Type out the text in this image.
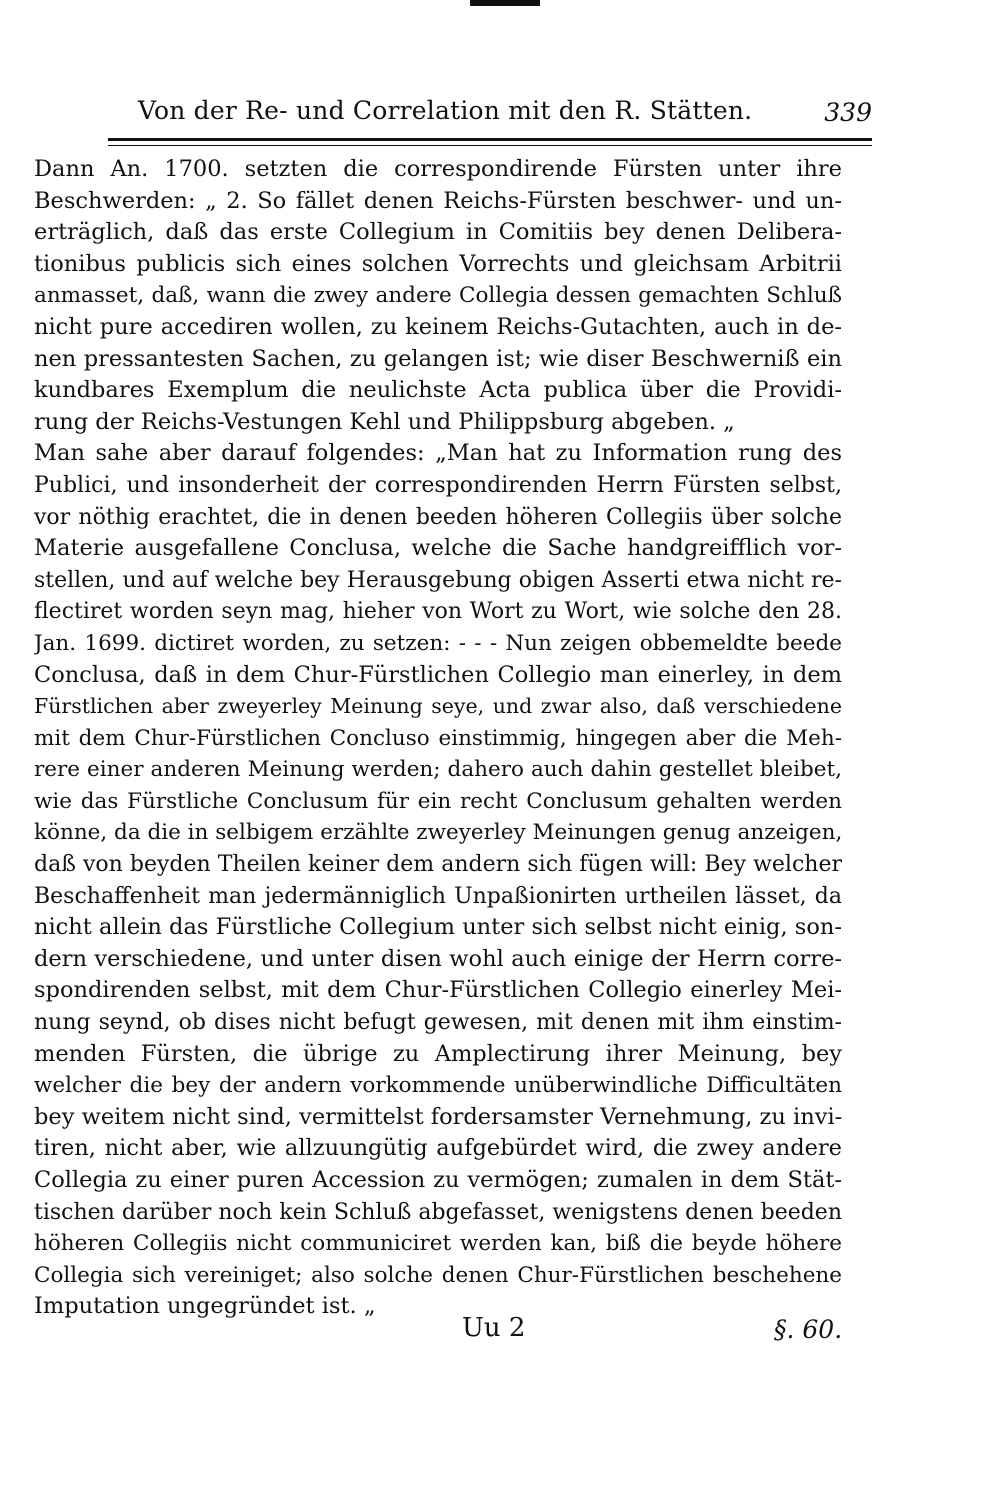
Von der Re- und Correlation mit den R. Stätten.	339
Dann An. 1700. setzten die correspondirende Fürsten unter ihre
Beschwerden: „ 2. So fället denen Reichs-Fürsten beschwer- und un-
erträglich, daß das erste Collegium in Comitiis bey denen Delibera-
tionibus publicis sich eines solchen Vorrechts und gleichsam Arbitrii
anmasset, daß, wann die zwey andere Collegia dessen gemachten Schluß
nicht pure accediren wollen, zu keinem Reichs-Gutachten, auch in de-
nen pressantesten Sachen, zu gelangen ist; wie diser Beschwerniß ein
kundbares Exemplum die neulichste Acta publica über die Providi-
rung der Reichs-Vestungen Kehl und Philippsburg abgeben. „
Man sahe aber darauf folgendes: „Man hat zu Information rung des
Publici, und insonderheit der correspondirenden Herrn Fürsten selbst,
vor nöthig erachtet, die in denen beeden höheren Collegiis über solche
Materie ausgefallene Conclusa, welche die Sache handgreifflich vor-
stellen, und auf welche bey Herausgebung obigen Asserti etwa nicht re-
flectiret worden seyn mag, hieher von Wort zu Wort, wie solche den 28.
Jan. 1699. dictiret worden, zu setzen: - - - Nun zeigen obbemeldte beede
Conclusa, daß in dem Chur-Fürstlichen Collegio man einerley, in dem
Fürstlichen aber zweyerley Meinung seye, und zwar also, daß verschiedene
mit dem Chur-Fürstlichen Concluso einstimmig, hingegen aber die Meh-
rere einer anderen Meinung werden; dahero auch dahin gestellet bleibet,
wie das Fürstliche Conclusum für ein recht Conclusum gehalten werden
könne, da die in selbigem erzählte zweyerley Meinungen genug anzeigen,
daß von beyden Theilen keiner dem andern sich fügen will: Bey welcher
Beschaffenheit man jedermänniglich Unpaßionirten urtheilen lässet, da
nicht allein das Fürstliche Collegium unter sich selbst nicht einig, son-
dern verschiedene, und unter disen wohl auch einige der Herrn corre-
spondirenden selbst, mit dem Chur-Fürstlichen Collegio einerley Mei-
nung seynd, ob dises nicht befugt gewesen, mit denen mit ihm einstim-
menden Fürsten, die übrige zu Amplectirung ihrer Meinung, bey
welcher die bey der andern vorkommende unüberwindliche Difficultäten
bey weitem nicht sind, vermittelst fordersamster Vernehmung, zu invi-
tiren, nicht aber, wie allzuungütig aufgebürdet wird, die zwey andere
Collegia zu einer puren Accession zu vermögen; zumalen in dem Stät-
tischen darüber noch kein Schluß abgefasset, wenigstens denen beeden
höheren Collegiis nicht communiciret werden kan, biß die beyde höhere
Collegia sich vereiniget; also solche denen Chur-Fürstlichen beschehene
Imputation ungegründet ist. „
Uu 2	§. 60.
